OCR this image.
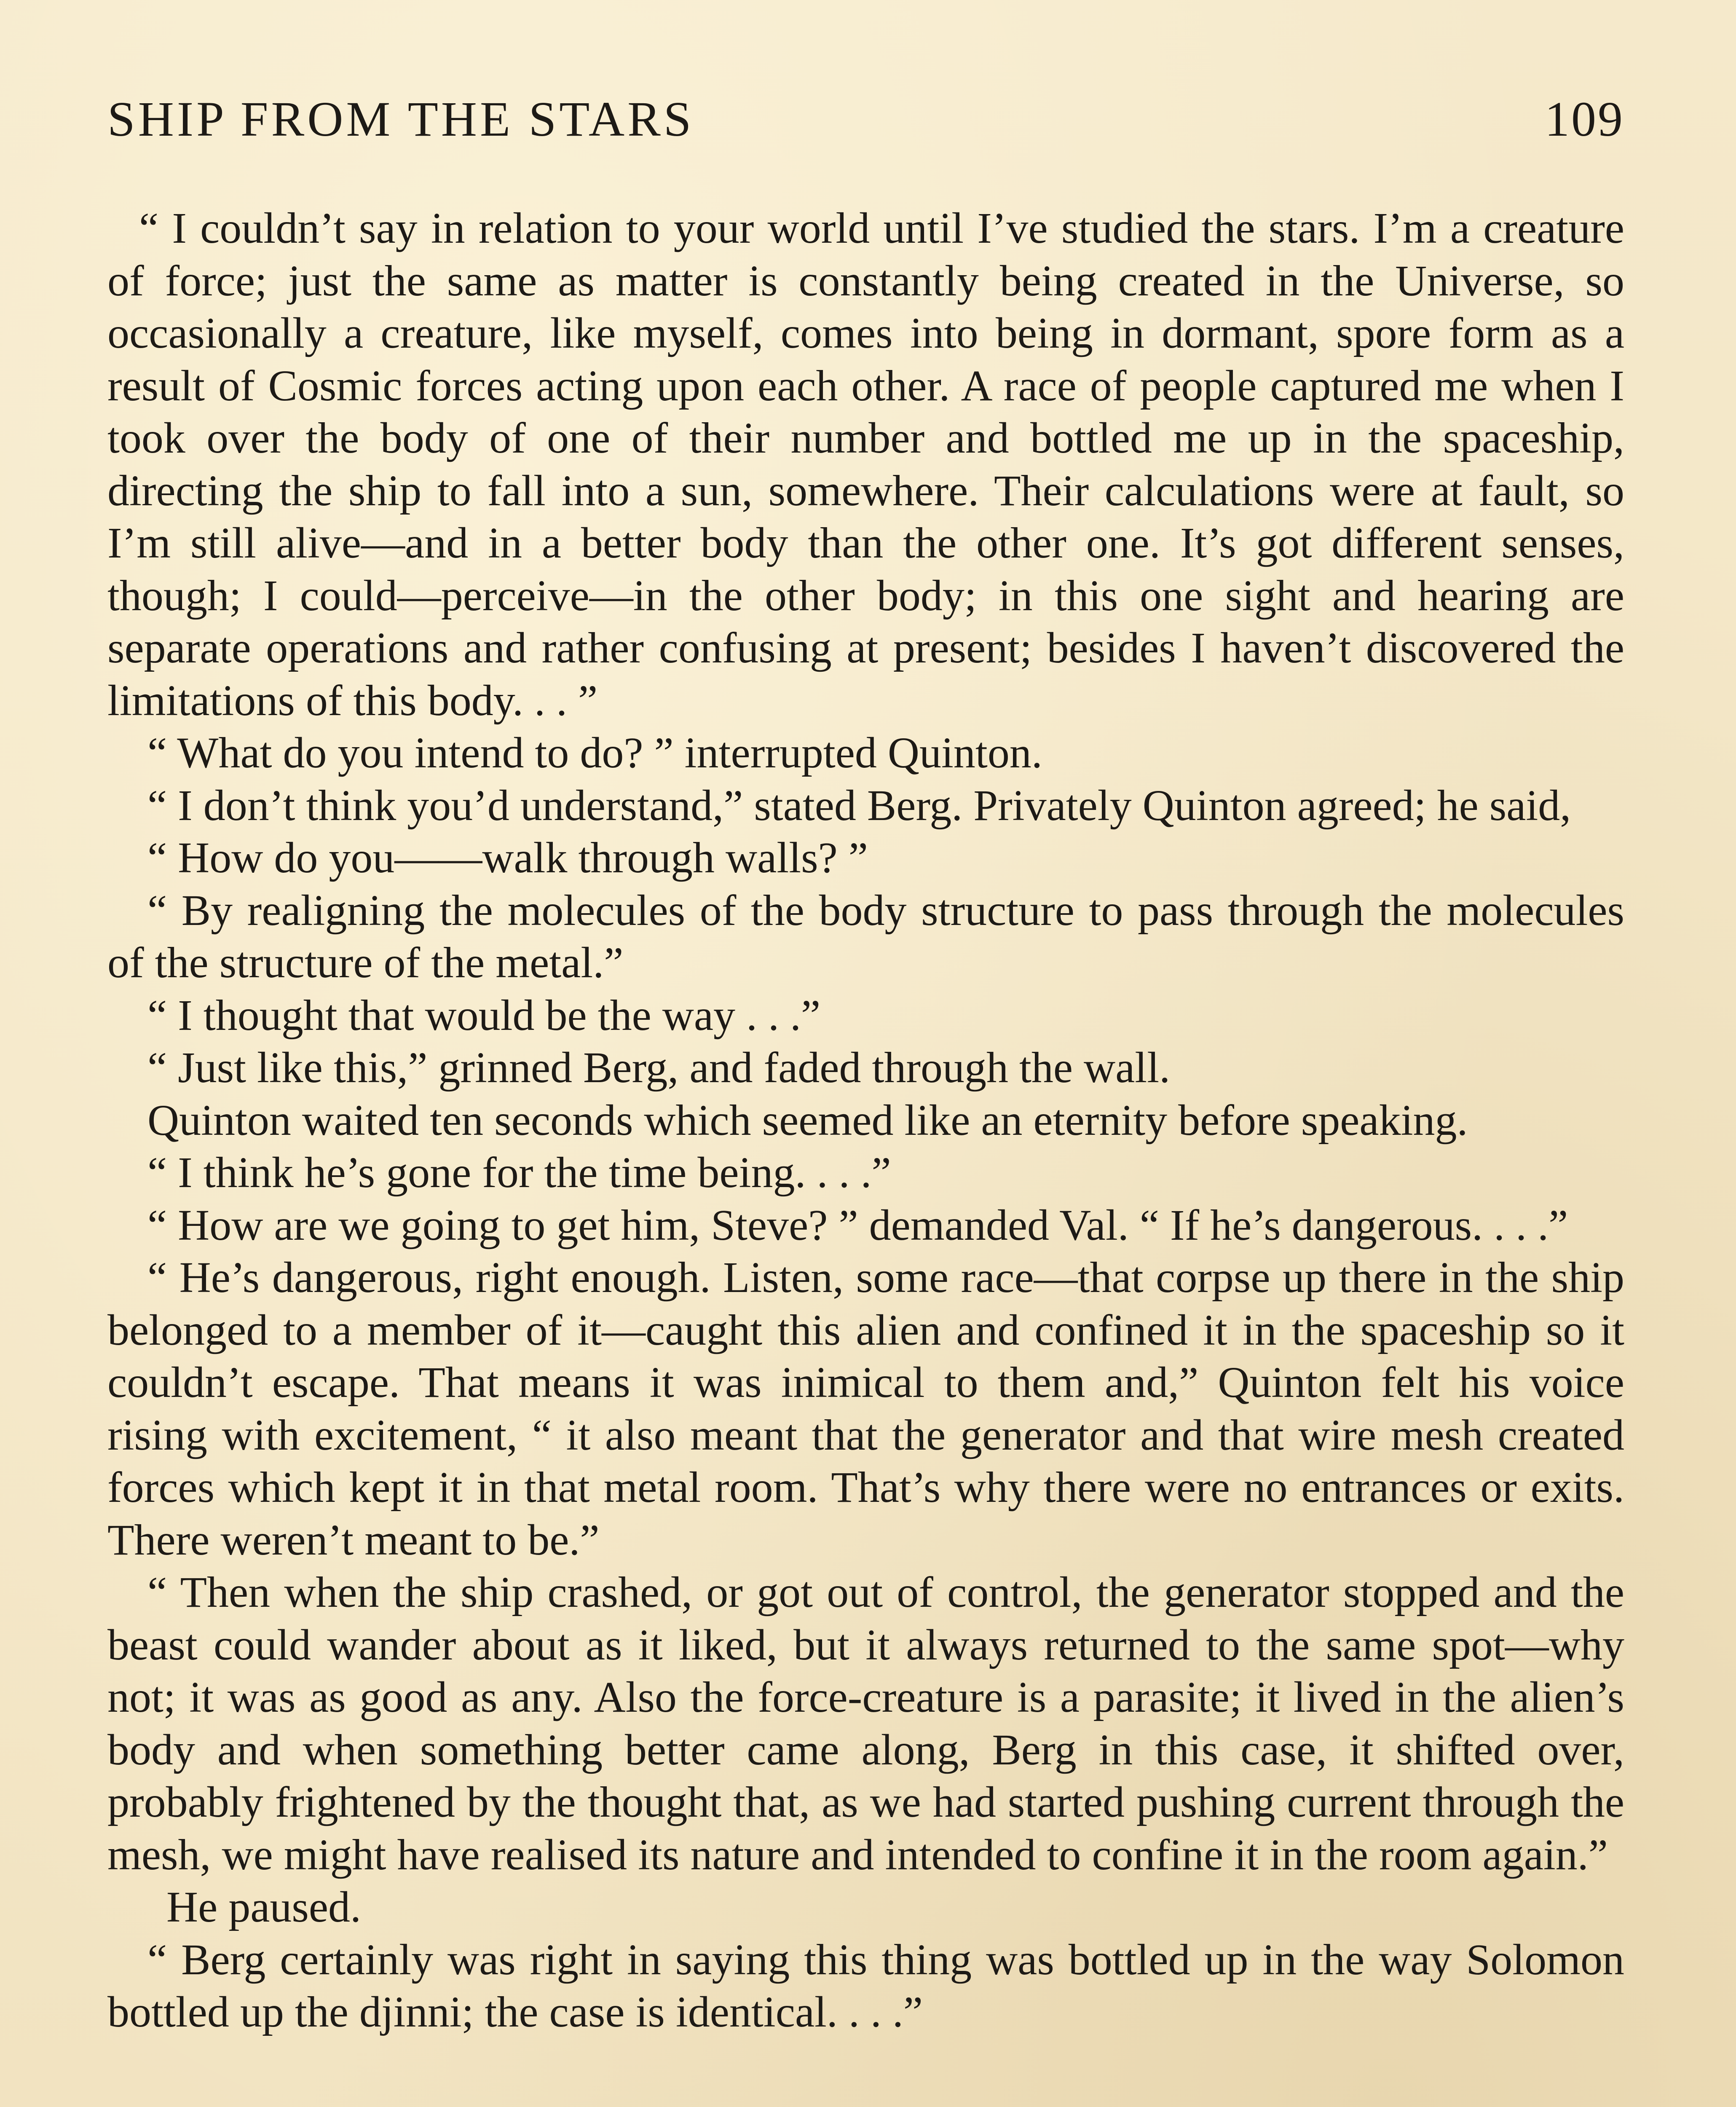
SHIP FROM THE STARS	109

“ I couldn’t say in relation to your world until I’ve studied the stars. I’m a creature of force; just the same as matter is constantly being created in the Universe, so occasionally a creature, like myself, comes into being in dormant, spore form as a result of Cosmic forces acting upon each other. A race of people captured me when I took over the body of one of their number and bottled me up in the spaceship, directing the ship to fall into a sun, somewhere. Their calculations were at fault, so I’m still alive—and in a better body than the other one. It’s got different senses, though; I could—perceive—in the other body; in this one sight and hearing are separate operations and rather confusing at present; besides I haven’t discovered the limitations of this body. . . ”

“ What do you intend to do? ” interrupted Quinton.

“ I don’t think you’d understand,” stated Berg. Privately Quinton agreed; he said,

“ How do you——walk through walls? ”

“ By realigning the molecules of the body structure to pass through the molecules of the structure of the metal.”

“ I thought that would be the way . . .”

“ Just like this,” grinned Berg, and faded through the wall.

Quinton waited ten seconds which seemed like an eternity before speaking.

“ I think he’s gone for the time being. . . .”

“ How are we going to get him, Steve? ” demanded Val. “ If he’s dangerous. . . .”

“ He’s dangerous, right enough. Listen, some race—that corpse up there in the ship belonged to a member of it—caught this alien and confined it in the spaceship so it couldn’t escape. That means it was inimical to them and,” Quinton felt his voice rising with excitement, “ it also meant that the generator and that wire mesh created forces which kept it in that metal room. That’s why there were no entrances or exits. There weren’t meant to be.”

“ Then when the ship crashed, or got out of control, the generator stopped and the beast could wander about as it liked, but it always returned to the same spot—why not; it was as good as any. Also the force-creature is a parasite; it lived in the alien’s body and when something better came along, Berg in this case, it shifted over, probably frightened by the thought that, as we had started pushing current through the mesh, we might have realised its nature and intended to confine it in the room again.”

He paused.

“ Berg certainly was right in saying this thing was bottled up in the way Solomon bottled up the djinni; the case is identical. . . .”
